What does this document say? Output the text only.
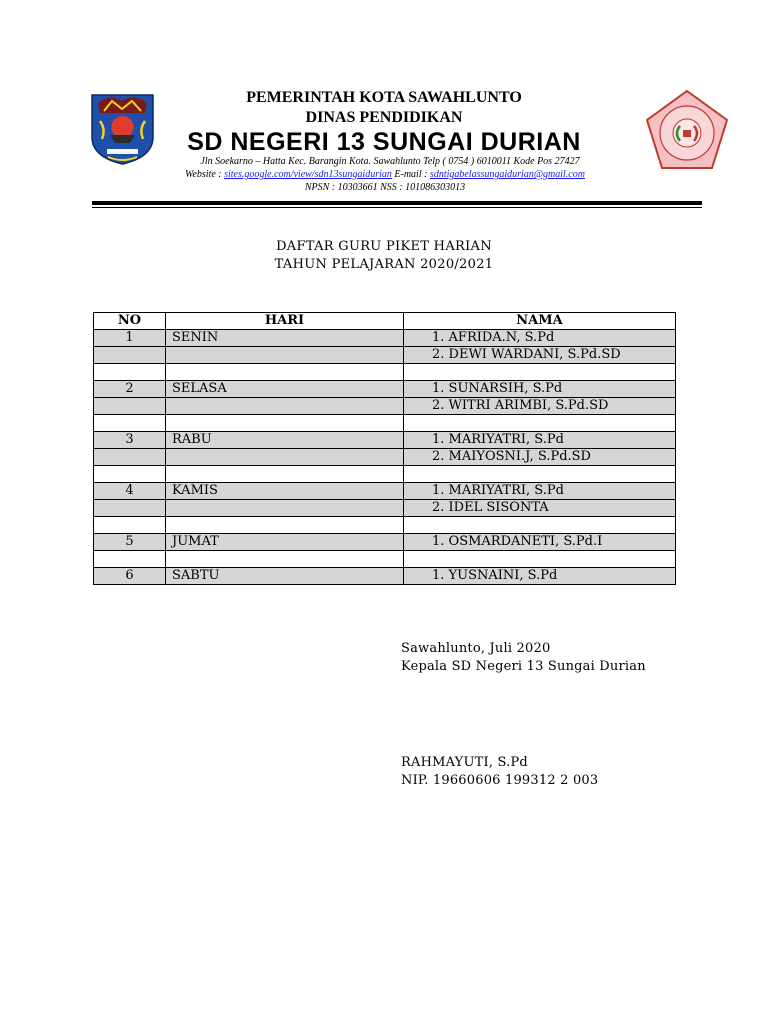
PEMERINTAH KOTA SAWAHLUNTO
DINAS PENDIDIKAN
SD NEGERI 13 SUNGAI DURIAN
Jln Soekarno – Hatta Kec. Barangin Kota. Sawahlunto Telp ( 0754 ) 6010011 Kode Pos 27427
Website : sites.google.com/view/sdn13sungaidurian E-mail : sdntigabelassungaidurian@gmail.com
NPSN : 10303661 NSS : 101086303013
DAFTAR GURU PIKET HARIAN
TAHUN PELAJARAN 2020/2021
NO	HARI	NAMA
1	SENIN	1. AFRIDA.N, S.Pd
		2. DEWI WARDANI, S.Pd.SD

2	SELASA	1. SUNARSIH, S.Pd
		2. WITRI ARIMBI, S.Pd.SD

3	RABU	1. MARIYATRI, S.Pd
		2. MAIYOSNI.J, S.Pd.SD

4	KAMIS	1. MARIYATRI, S.Pd
		2. IDEL SISONTA

5	JUMAT	1. OSMARDANETI, S.Pd.I

6	SABTU	1. YUSNAINI, S.Pd
Sawahlunto, Juli 2020
Kepala SD Negeri 13 Sungai Durian
RAHMAYUTI, S.Pd
NIP. 19660606 199312 2 003
